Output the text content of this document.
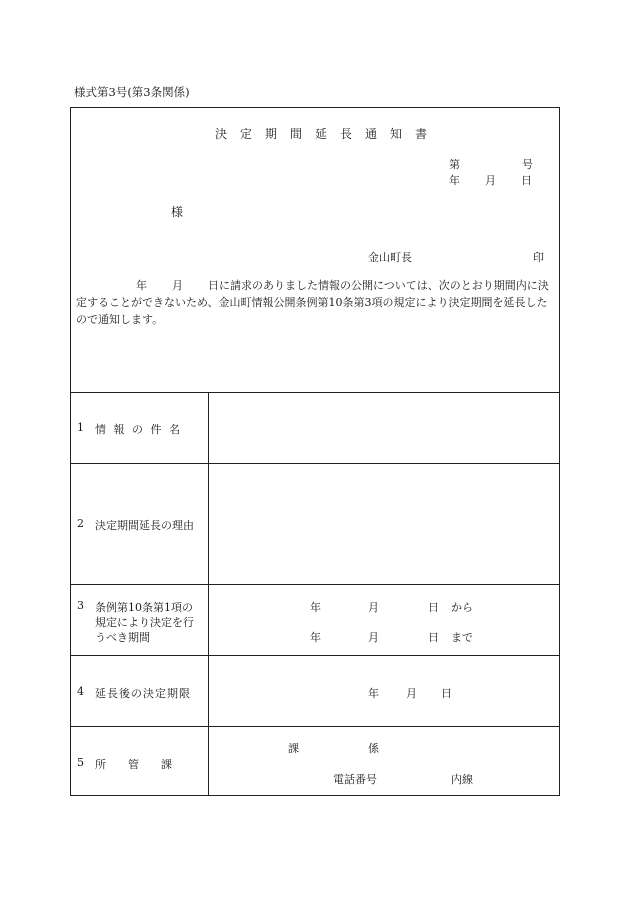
様式第3号(第3条関係)
決定期間延長通知書
第	号
年 月 日
様
金山町長	印
年 月 日に請求のありました情報の公開については、次のとおり期間内に決定することができないため、金山町情報公開条例第10条第3項の規定により決定期間を延長したので通知します。
1 情 報 の 件 名
2 決定期間延長の理由
3 条例第10条第1項の
規定により決定を行
うべき期間
年	月	日 から
年	月	日 まで
4 延長後の決定期限	年 月 日
5 所　　管　　課
課	係
電話番号	内線
